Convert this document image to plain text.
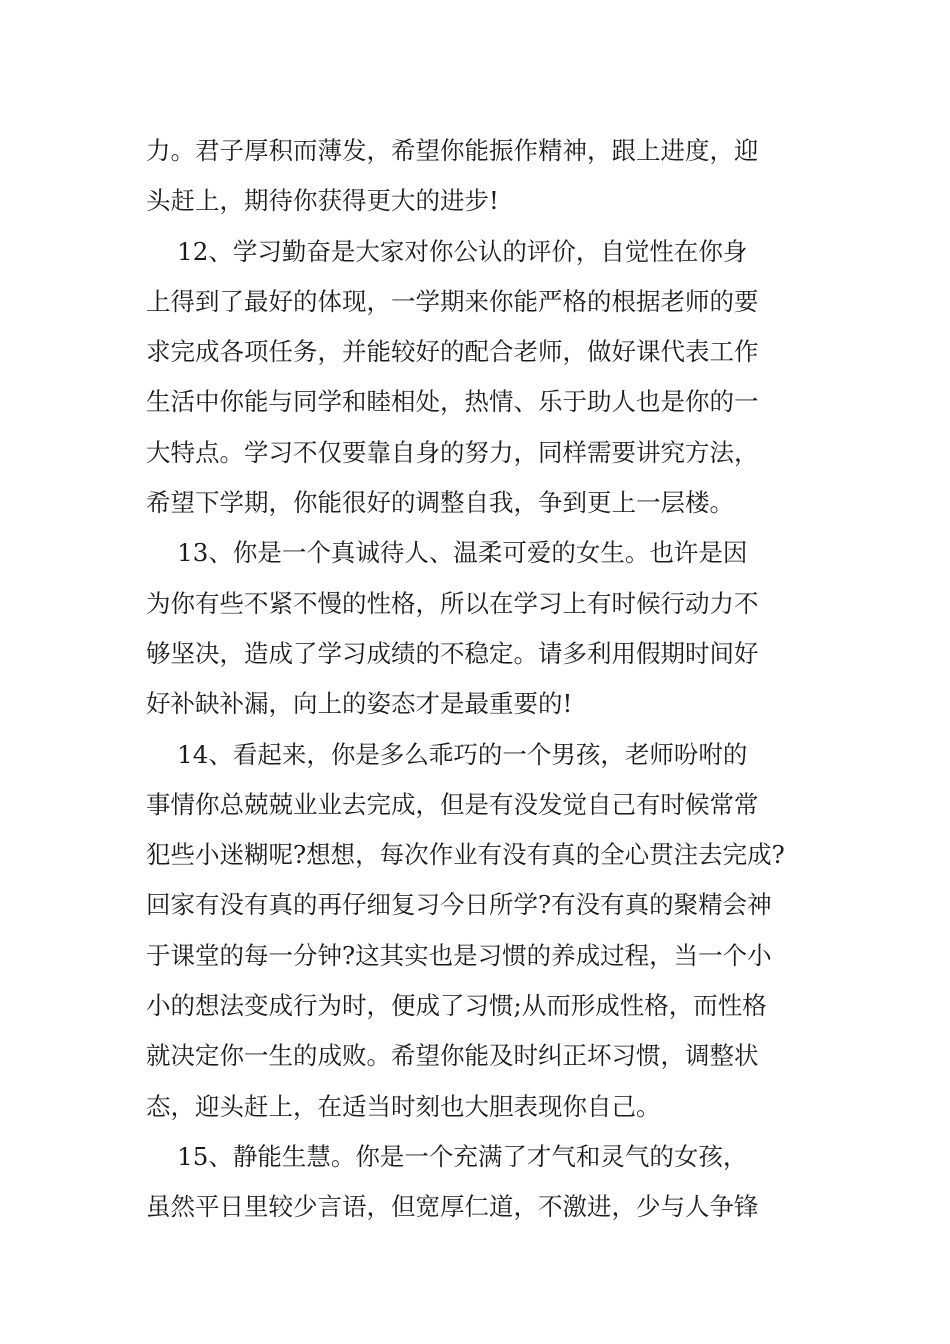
力。君子厚积而薄发，希望你能振作精神，跟上进度，迎
头赶上，期待你获得更大的进步!
12、学习勤奋是大家对你公认的评价，自觉性在你身
上得到了最好的体现，一学期来你能严格的根据老师的要
求完成各项任务，并能较好的配合老师，做好课代表工作
生活中你能与同学和睦相处，热情、乐于助人也是你的一
大特点。学习不仅要靠自身的努力，同样需要讲究方法，
希望下学期，你能很好的调整自我，争到更上一层楼。
13、你是一个真诚待人、温柔可爱的女生。也许是因
为你有些不紧不慢的性格，所以在学习上有时候行动力不
够坚决，造成了学习成绩的不稳定。请多利用假期时间好
好补缺补漏，向上的姿态才是最重要的!
14、看起来，你是多么乖巧的一个男孩，老师吩咐的
事情你总兢兢业业去完成，但是有没发觉自己有时候常常
犯些小迷糊呢?想想，每次作业有没有真的全心贯注去完成?
回家有没有真的再仔细复习今日所学?有没有真的聚精会神
于课堂的每一分钟?这其实也是习惯的养成过程，当一个小
小的想法变成行为时，便成了习惯;从而形成性格，而性格
就决定你一生的成败。希望你能及时纠正坏习惯，调整状
态，迎头赶上，在适当时刻也大胆表现你自己。
15、静能生慧。你是一个充满了才气和灵气的女孩，
虽然平日里较少言语，但宽厚仁道，不激进，少与人争锋
